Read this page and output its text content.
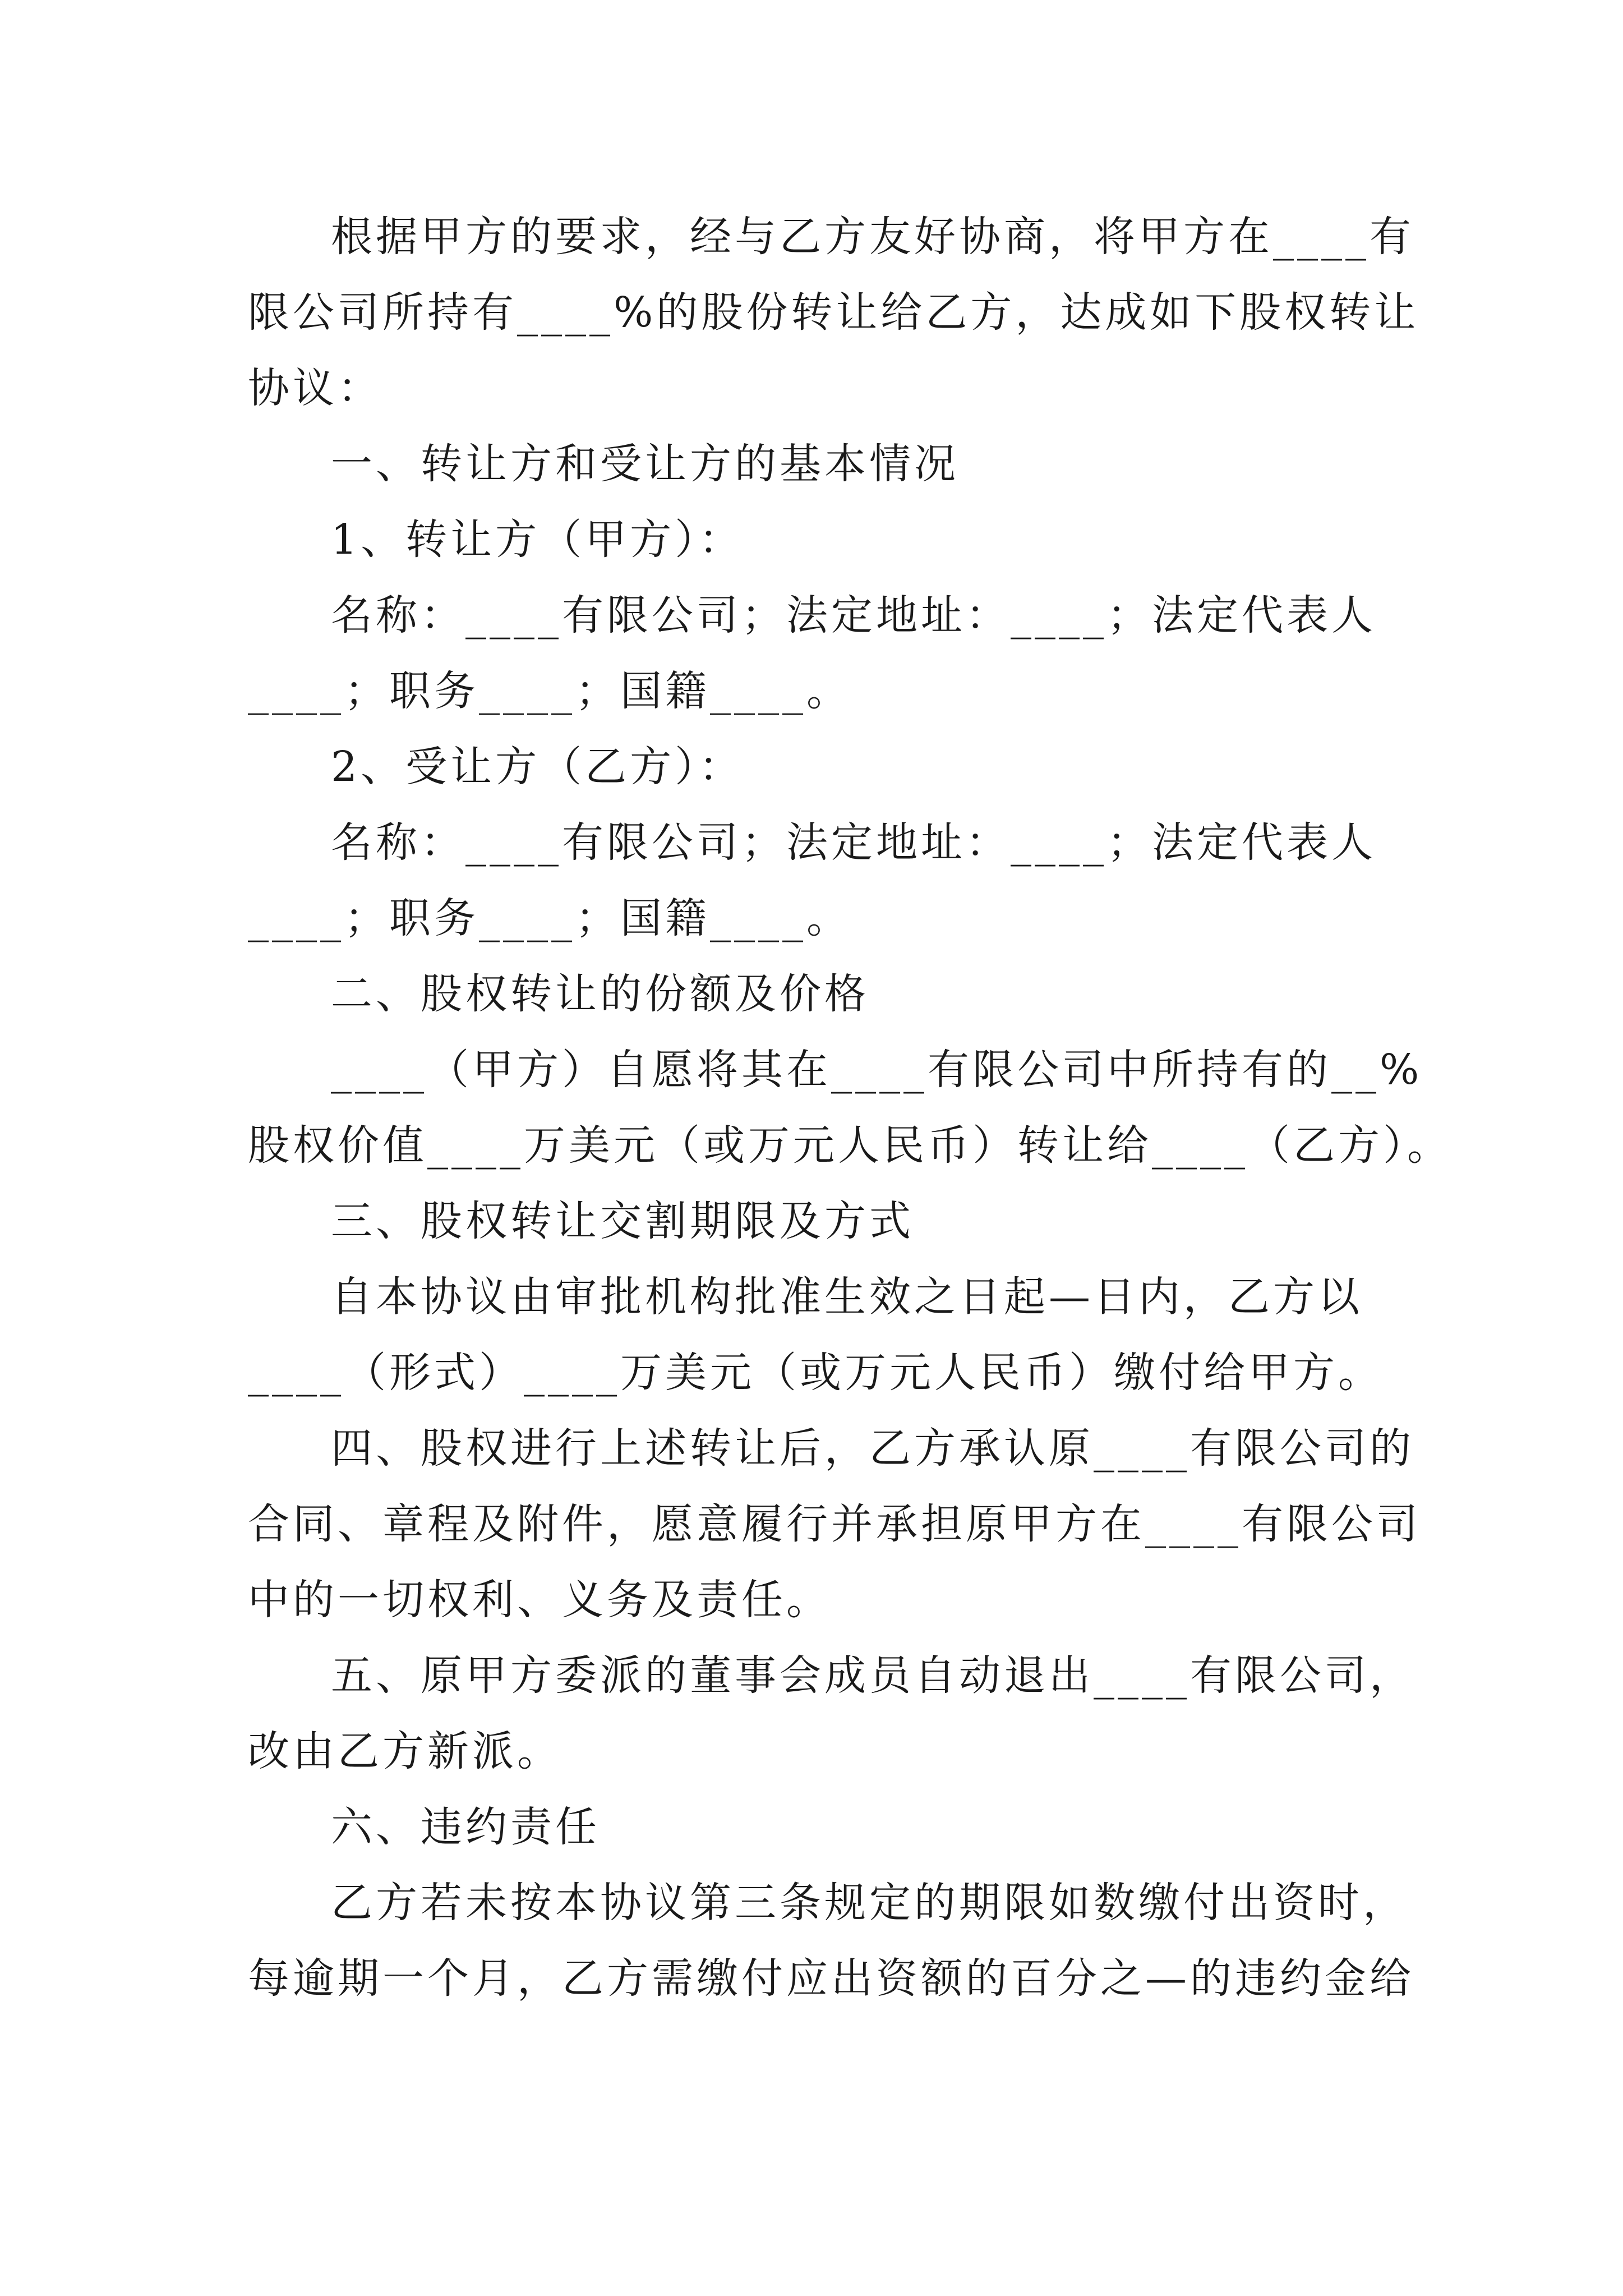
根据甲方的要求，经与乙方友好协商，将甲方在____有
限公司所持有____%的股份转让给乙方，达成如下股权转让
协议：
一、转让方和受让方的基本情况
1、转让方（甲方）：
名称：____有限公司；法定地址：____；法定代表人
____；职务____；国籍____。
2、受让方（乙方）：
名称：____有限公司；法定地址：____；法定代表人
____；职务____；国籍____。
二、股权转让的份额及价格
____（甲方）自愿将其在____有限公司中所持有的__%
股权价值____万美元（或万元人民币）转让给____（乙方）。
三、股权转让交割期限及方式
自本协议由审批机构批准生效之日起—日内，乙方以
____（形式）____万美元（或万元人民币）缴付给甲方。
四、股权进行上述转让后，乙方承认原____有限公司的
合同、章程及附件，愿意履行并承担原甲方在____有限公司
中的一切权利、义务及责任。
五、原甲方委派的董事会成员自动退出____有限公司，
改由乙方新派。
六、违约责任
乙方若未按本协议第三条规定的期限如数缴付出资时，
每逾期一个月，乙方需缴付应出资额的百分之—的违约金给
